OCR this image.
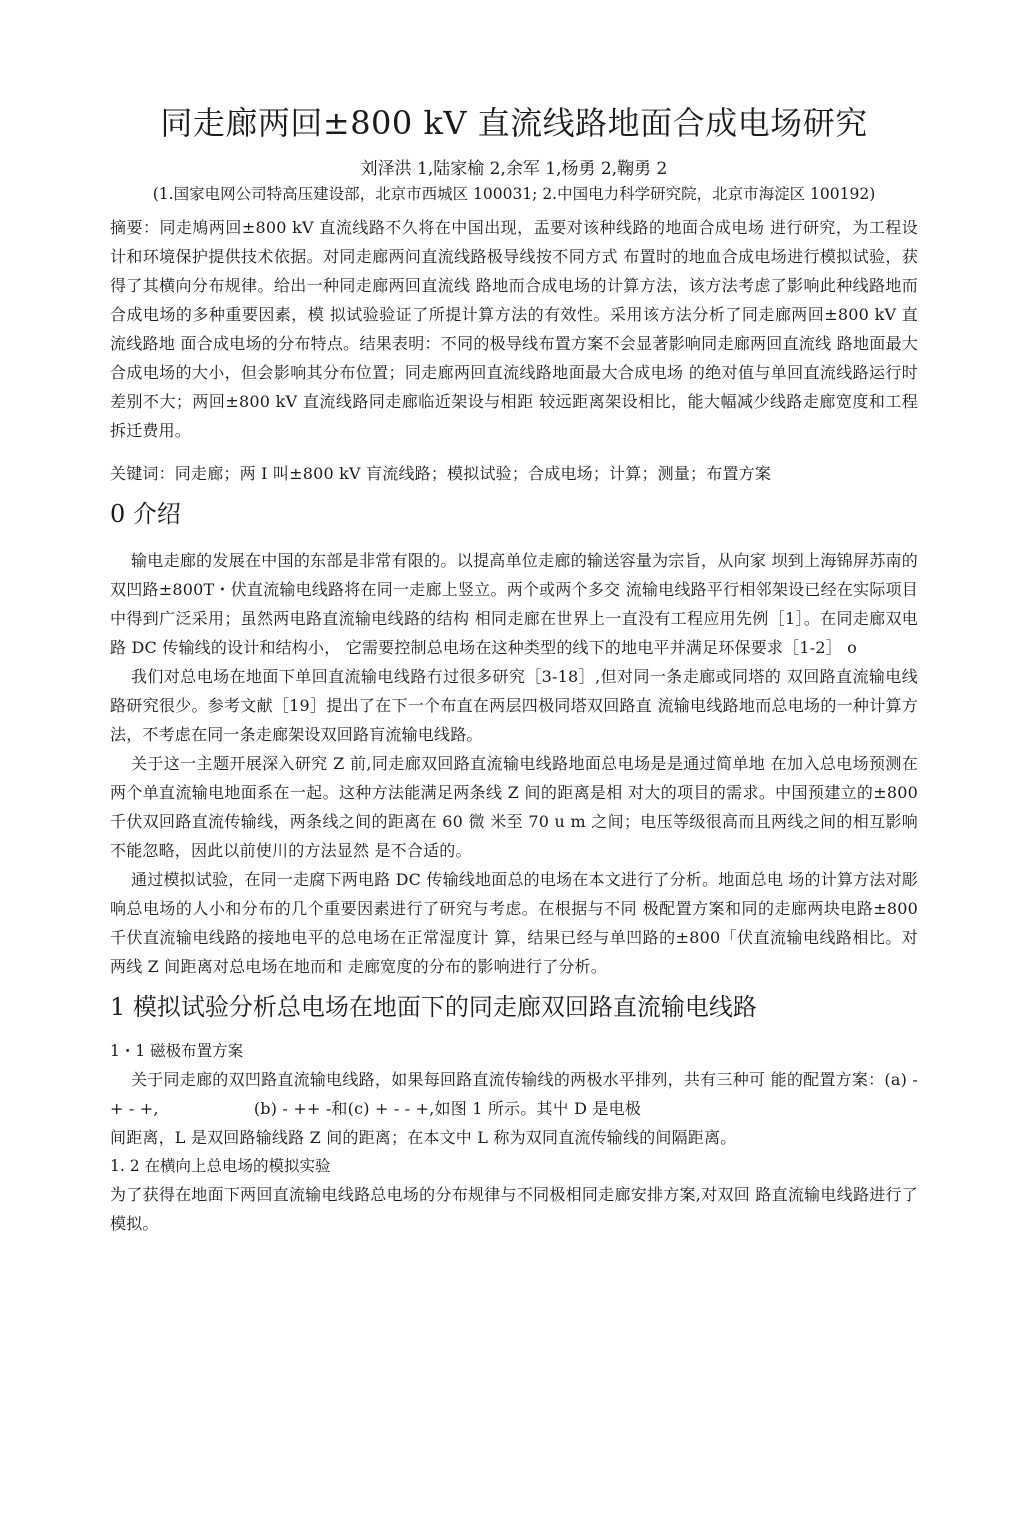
同走廊两回±800 kV 直流线路地面合成电场研究

刘泽洪 1,陆家榆 2,余军 1,杨勇 2,鞠勇 2

(1.国家电网公司特高压建设部，北京市西城区 100031; 2.中国电力科学研究院，北京市海淀区 100192)

摘要：同走鳩两回±800 kV 直流线路不久将在中国出现，盂要对该种线路的地面合成电场 进行研究，为工程设计和环境保护提供技术依据。对同走廊两问直流线路极导线按不同方式 布置时的地血合成电场进行模拟试验，获得了其横向分布规律。给出一种同走廊两回直流线 路地而合成电场的计算方法，该方法考虑了影响此种线路地而合成电场的多种重要因素，模 拟试验验证了所提计算方法的有效性。采用该方法分析了同走廊两回±800 kV 直流线路地 面合成电场的分布特点。结果表明：不同的极导线布置方案不会显著影响同走廊两回直流线 路地面最大合成电场的大小，但会影响其分布位置；同走廊两回直流线路地面最大合成电场 的绝对值与单回直流线路运行时差别不大；两回±800 kV 直流线路同走廊临近架设与相距 较远距离架设相比，能大幅减少线路走廊宽度和工程拆迁费用。

关键词：同走廊；两 I 叫±800 kV 肓流线路；模拟试验；合成电场；计算；测量；布置方案

0 介绍

输电走廊的发展在中国的东部是非常有限的。以提高单位走廊的输送容量为宗旨，从向家 坝到上海锦屏苏南的双凹路±800T・伏直流输电线路将在同一走廊上竖立。两个或两个多交 流输电线路平行相邻架设已经在实际项目中得到广泛采用；虽然两电路直流输电线路的结构 相同走廊在世界上一直没有工程应用先例［1］。在同走廊双电路 DC 传输线的设计和结构小， 它需要控制总电场在这种类型的线下的地电平并满足环保要求［1-2］ o

我们对总电场在地面下单回直流输电线路冇过很多研究［3-18］,但对同一条走廊或同塔的 双回路直流输电线路研究很少。参考文献［19］提出了在下一个布直在两层四极同塔双回路直 流输电线路地而总电场的一种计算方法，不考虑在同一条走廊架设双回路肓流输电线路。

关于这一主题开展深入研究 Z 前,同走廊双回路直流输电线路地面总电场是是通过简单地 在加入总电场预测在两个单直流输电地面系在一起。这种方法能满足两条线 Z 间的距离是相 对大的项目的需求。中国预建立的±800 千伏双回路直流传输线，两条线之间的距离在 60 微 米至 70 u m 之间；电压等级很高而且两线之间的相互影响不能忽略，因此以前使川的方法显然 是不合适的。

通过模拟试验，在同一走腐下两电路 DC 传输线地面总的电场在本文进行了分析。地面总电 场的计算方法对彫响总电场的人小和分布的几个重要因素进行了研究与考虑。在根据与不同 极配置方案和同的走廊两块电路±800 千伏直流输电线路的接地电平的总电场在正常湿度计 算，结果已经与单凹路的±800「伏直流输电线路相比。对两线 Z 间距离对总电场在地而和 走廊宽度的分布的影响进行了分析。

1 模拟试验分析总电场在地面下的同走廊双回路直流输电线路
1・1 磁极布置方案

关于同走廊的双凹路直流输电线路，如果每回路直流传输线的两极水平排列，共有三种可 能的配置方案：(a) - + - +,                  (b) - ++ -和(c) + - - +,如图 1 所示。其屮 D 是电极

间距离，L 是双回路输线路 Z 间的距离；在本文中 L 称为双同直流传输线的间隔距离。

1. 2 在横向上总电场的模拟实验

为了获得在地面下两回直流输电线路总电场的分布规律与不同极相同走廊安排方案,对双回 路直流输电线路进行了模拟。
